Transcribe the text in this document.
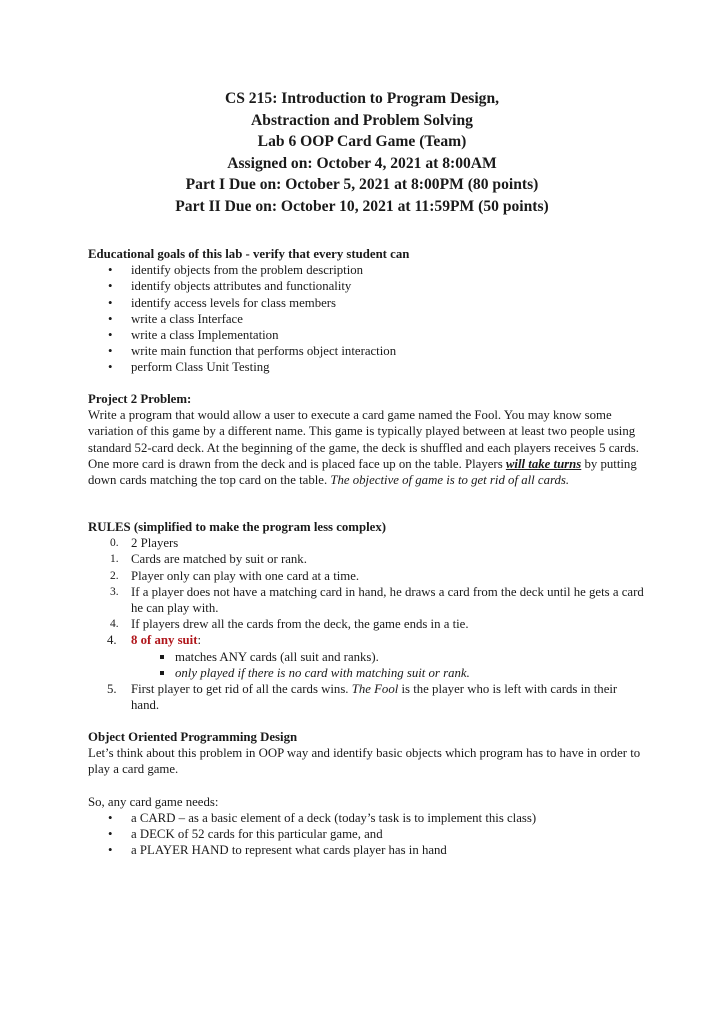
CS 215: Introduction to Program Design,
Abstraction and Problem Solving
Lab 6 OOP Card Game (Team)
Assigned on: October 4, 2021 at 8:00AM
Part I Due on: October 5, 2021 at 8:00PM (80 points)
Part II Due on: October 10, 2021 at 11:59PM (50 points)
Educational goals of this lab - verify that every student can
• identify objects from the problem description
• identify objects attributes and functionality
• identify access levels for class members
• write a class Interface
• write a class Implementation
• write main function that performs object interaction
• perform Class Unit Testing
Project 2 Problem:

Write a program that would allow a user to execute a card game named the Fool. You may know some variation of this game by a different name. This game is typically played between at least two people using standard 52-card deck. At the beginning of the game, the deck is shuffled and each players receives 5 cards. One more card is drawn from the deck and is placed face up on the table. Players will take turns by putting down cards matching the top card on the table. The objective of game is to get rid of all cards.

RULES (simplified to make the program less complex)
0. 2 Players
1. Cards are matched by suit or rank.
2. Player only can play with one card at a time.
3. If a player does not have a matching card in hand, he draws a card from the deck until he gets a card he can play with.
4. If players drew all the cards from the deck, the game ends in a tie.
4. 8 of any suit:
matches ANY cards (all suit and ranks).
only played if there is no card with matching suit or rank.
5. First player to get rid of all the cards wins. The Fool is the player who is left with cards in their hand.
Object Oriented Programming Design

Let’s think about this problem in OOP way and identify basic objects which program has to have in order to play a card game.

So, any card game needs:

• a CARD – as a basic element of a deck (today’s task is to implement this class)
• a DECK of 52 cards for this particular game, and
• a PLAYER HAND to represent what cards player has in hand
